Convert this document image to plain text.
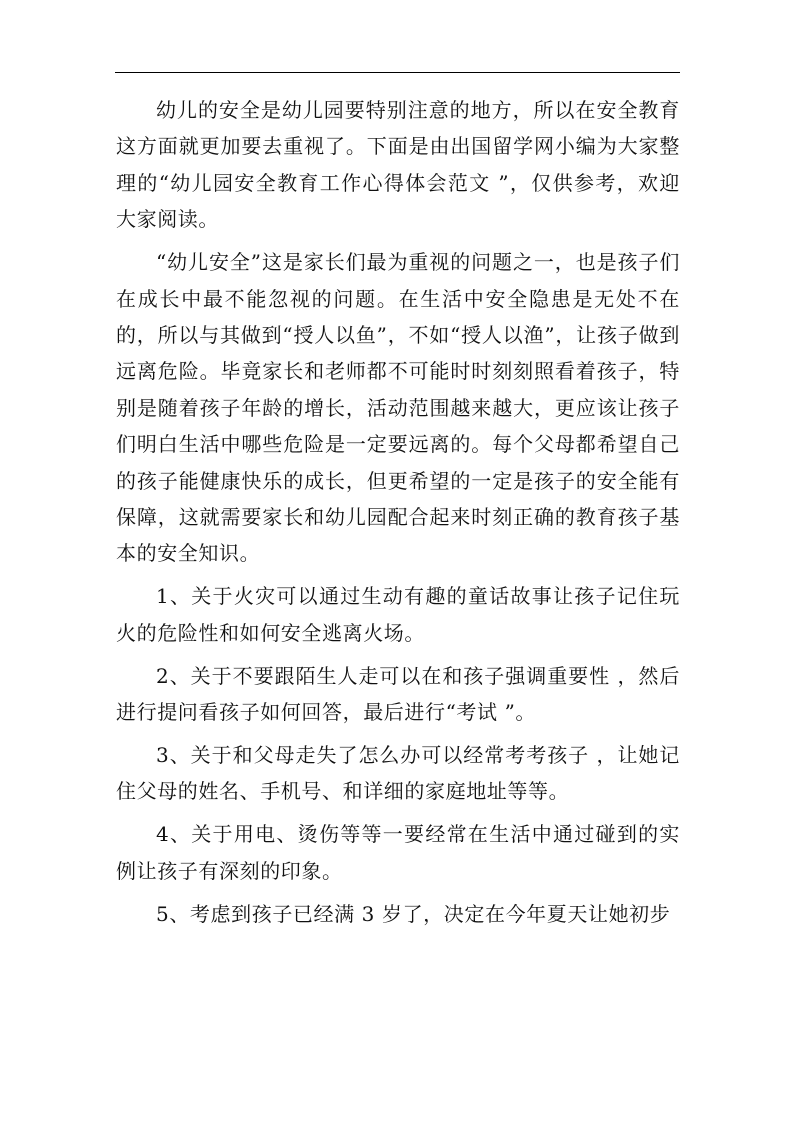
幼儿的安全是幼儿园要特别注意的地方，所以在安全教育这方面就更加要去重视了。下面是由出国留学网小编为大家整理的“幼儿园安全教育工作心得体会范文 ”，仅供参考，欢迎大家阅读。

“幼儿安全”这是家长们最为重视的问题之一，也是孩子们在成长中最不能忽视的问题。在生活中安全隐患是无处不在的，所以与其做到“授人以鱼”，不如“授人以渔”，让孩子做到远离危险。毕竟家长和老师都不可能时时刻刻照看着孩子，特别是随着孩子年龄的增长，活动范围越来越大，更应该让孩子们明白生活中哪些危险是一定要远离的。每个父母都希望自己的孩子能健康快乐的成长，但更希望的一定是孩子的安全能有保障，这就需要家长和幼儿园配合起来时刻正确的教育孩子基本的安全知识。

1、关于火灾可以通过生动有趣的童话故事让孩子记住玩火的危险性和如何安全逃离火场。

2、关于不要跟陌生人走可以在和孩子强调重要性 ，然后进行提问看孩子如何回答，最后进行“考试 ”。

3、关于和父母走失了怎么办可以经常考考孩子 ，让她记住父母的姓名、手机号、和详细的家庭地址等等。

4、关于用电、烫伤等等一要经常在生活中通过碰到的实例让孩子有深刻的印象。

5、考虑到孩子已经满 3 岁了，决定在今年夏天让她初步
